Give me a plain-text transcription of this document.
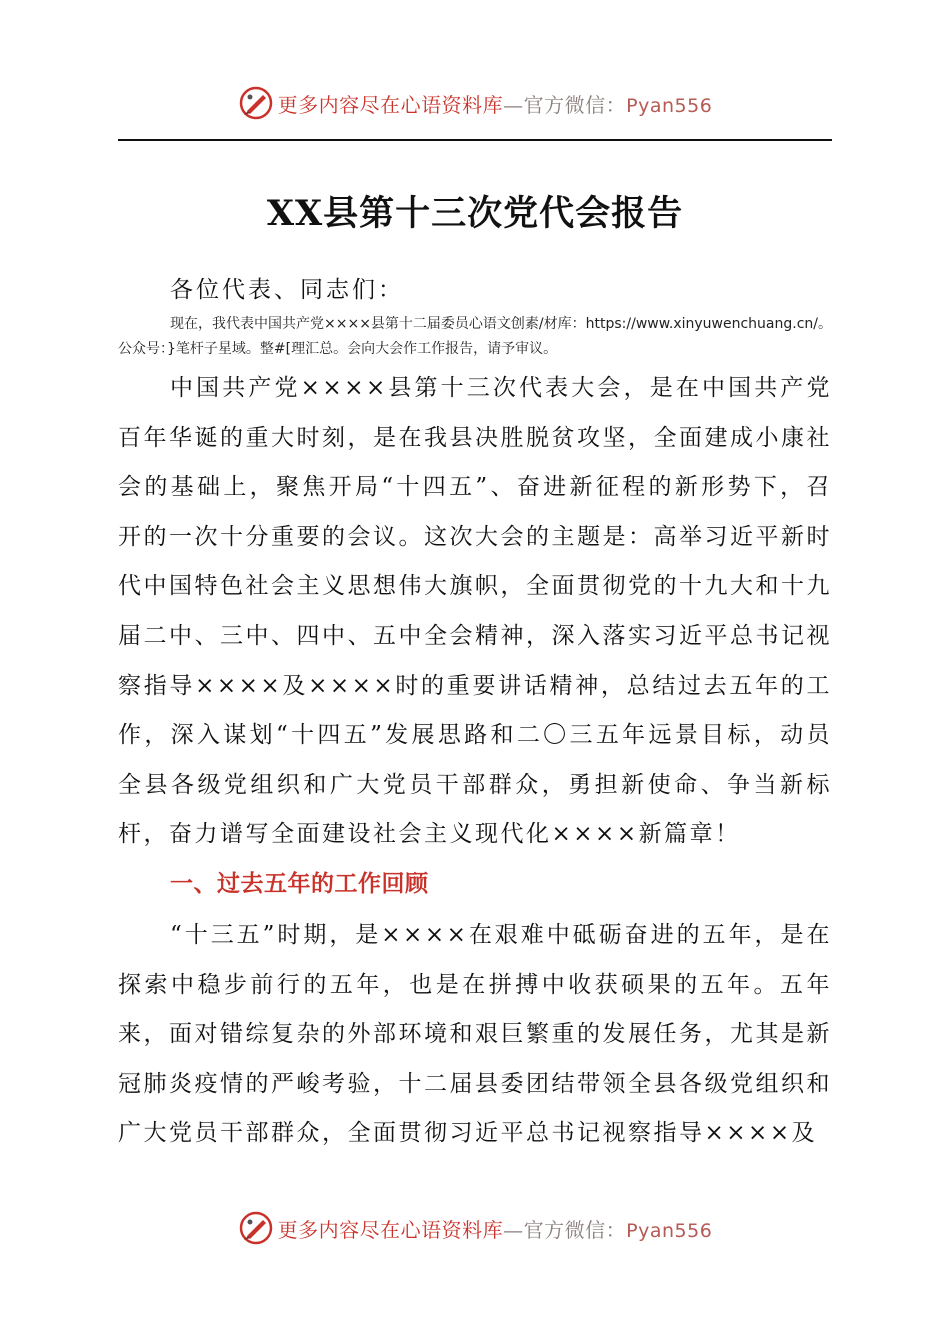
更多内容尽在心语资料库—官方微信：Pyan556
XX县第十三次党代会报告

各位代表、同志们：

现在，我代表中国共产党××××县第十二届委员心语文创素/材库：https://www.xinyuwenchuang.cn/。公众号：}笔杆子星域。整#[理汇总。会向大会作工作报告，请予审议。

中国共产党××××县第十三次代表大会，是在中国共产党百年华诞的重大时刻，是在我县决胜脱贫攻坚，全面建成小康社会的基础上，聚焦开局“十四五”、奋进新征程的新形势下，召开的一次十分重要的会议。这次大会的主题是：高举习近平新时代中国特色社会主义思想伟大旗帜，全面贯彻党的十九大和十九届二中、三中、四中、五中全会精神，深入落实习近平总书记视察指导××××及××××时的重要讲话精神，总结过去五年的工作，深入谋划“十四五”发展思路和二〇三五年远景目标，动员全县各级党组织和广大党员干部群众，勇担新使命、争当新标杆，奋力谱写全面建设社会主义现代化××××新篇章！

一、过去五年的工作回顾

“十三五”时期，是××××在艰难中砥砺奋进的五年，是在探索中稳步前行的五年，也是在拼搏中收获硕果的五年。五年来，面对错综复杂的外部环境和艰巨繁重的发展任务，尤其是新冠肺炎疫情的严峻考验，十二届县委团结带领全县各级党组织和广大党员干部群众，全面贯彻习近平总书记视察指导××××及

更多内容尽在心语资料库—官方微信：Pyan556
